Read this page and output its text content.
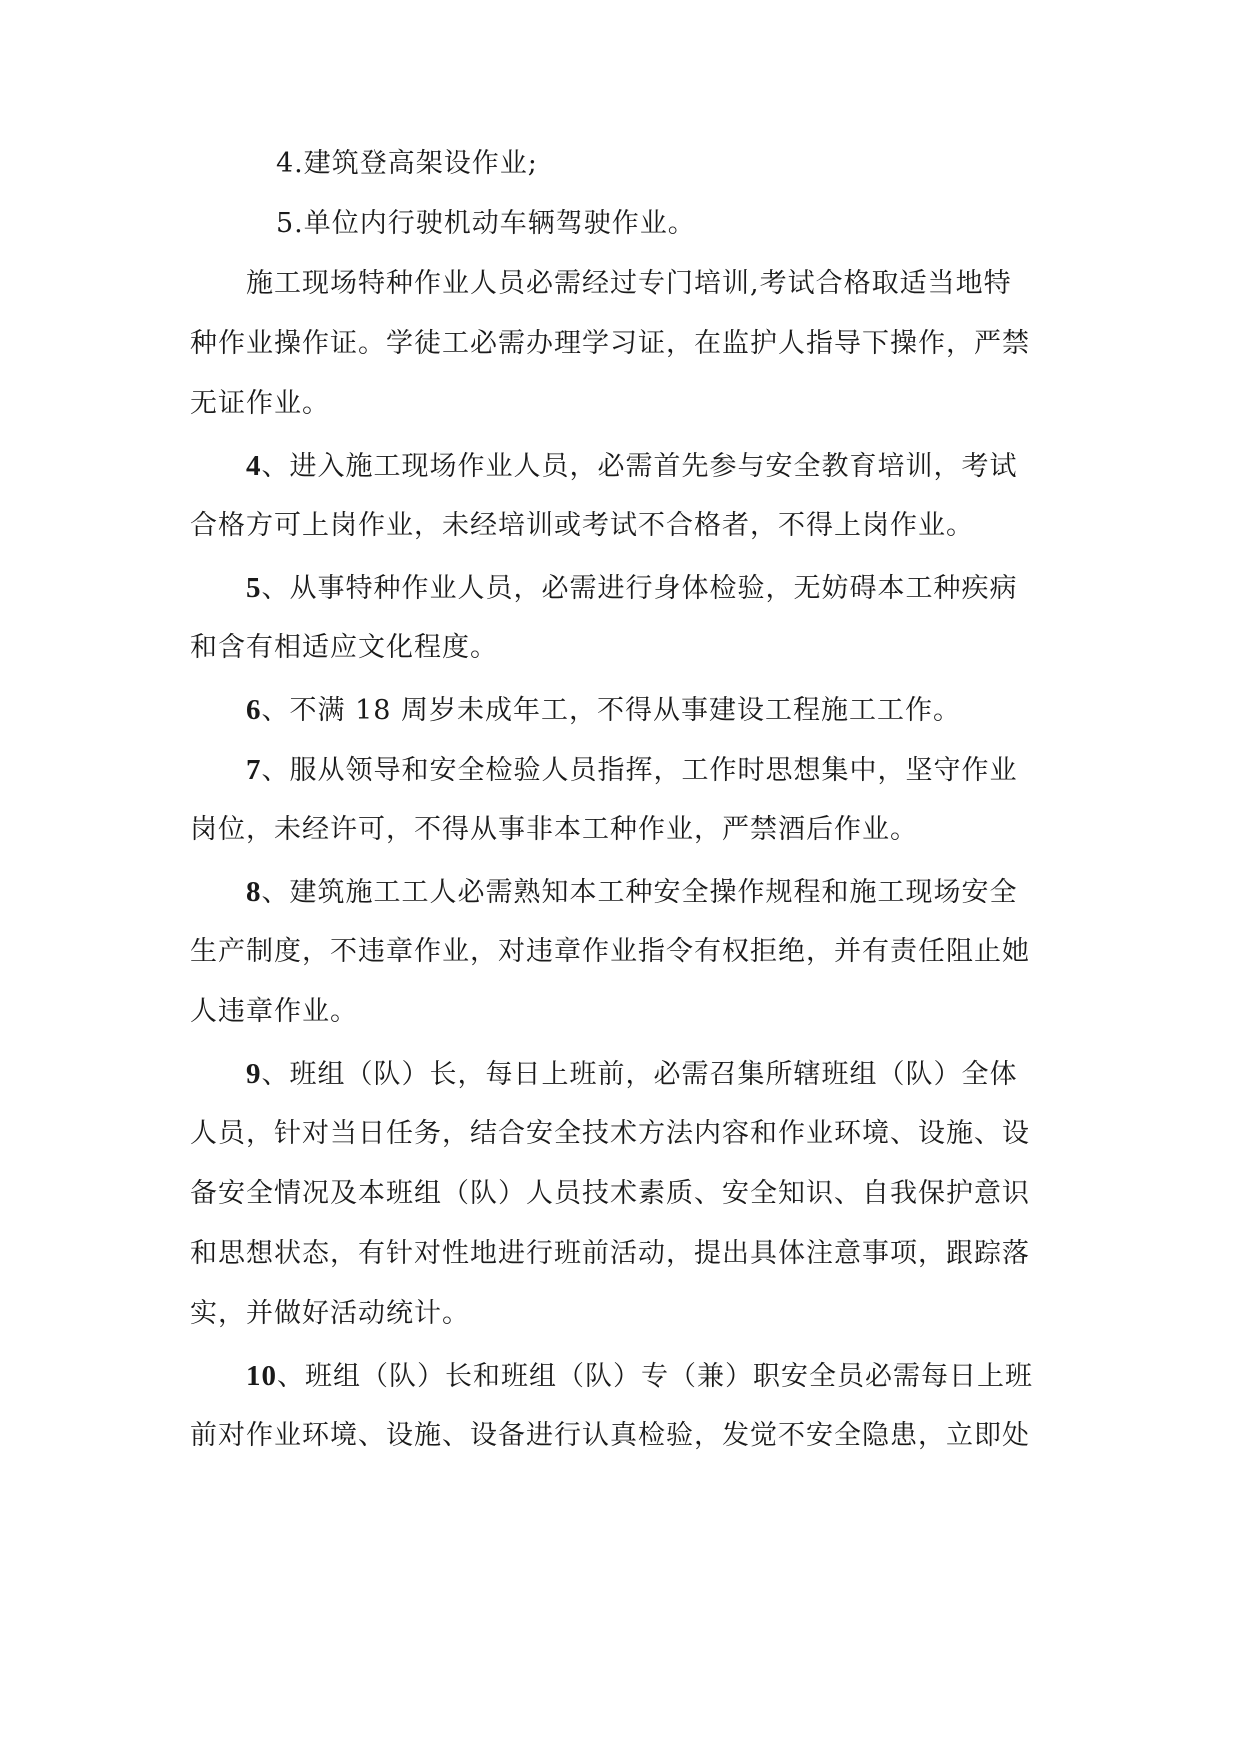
4.建筑登高架设作业;
5.单位内行驶机动车辆驾驶作业。
施工现场特种作业人员必需经过专门培训,考试合格取适当地特
种作业操作证。学徒工必需办理学习证，在监护人指导下操作，严禁
无证作业。
4、进入施工现场作业人员，必需首先参与安全教育培训，考试
合格方可上岗作业，未经培训或考试不合格者，不得上岗作业。
5、从事特种作业人员，必需进行身体检验，无妨碍本工种疾病
和含有相适应文化程度。
6、不满 18 周岁未成年工，不得从事建设工程施工工作。
7、服从领导和安全检验人员指挥，工作时思想集中，坚守作业
岗位，未经许可，不得从事非本工种作业，严禁酒后作业。
8、建筑施工工人必需熟知本工种安全操作规程和施工现场安全
生产制度，不违章作业，对违章作业指令有权拒绝，并有责任阻止她
人违章作业。
9、班组（队）长，每日上班前，必需召集所辖班组（队）全体
人员，针对当日任务，结合安全技术方法内容和作业环境、设施、设
备安全情况及本班组（队）人员技术素质、安全知识、自我保护意识
和思想状态，有针对性地进行班前活动，提出具体注意事项，跟踪落
实，并做好活动统计。
10、班组（队）长和班组（队）专（兼）职安全员必需每日上班
前对作业环境、设施、设备进行认真检验，发觉不安全隐患，立即处
